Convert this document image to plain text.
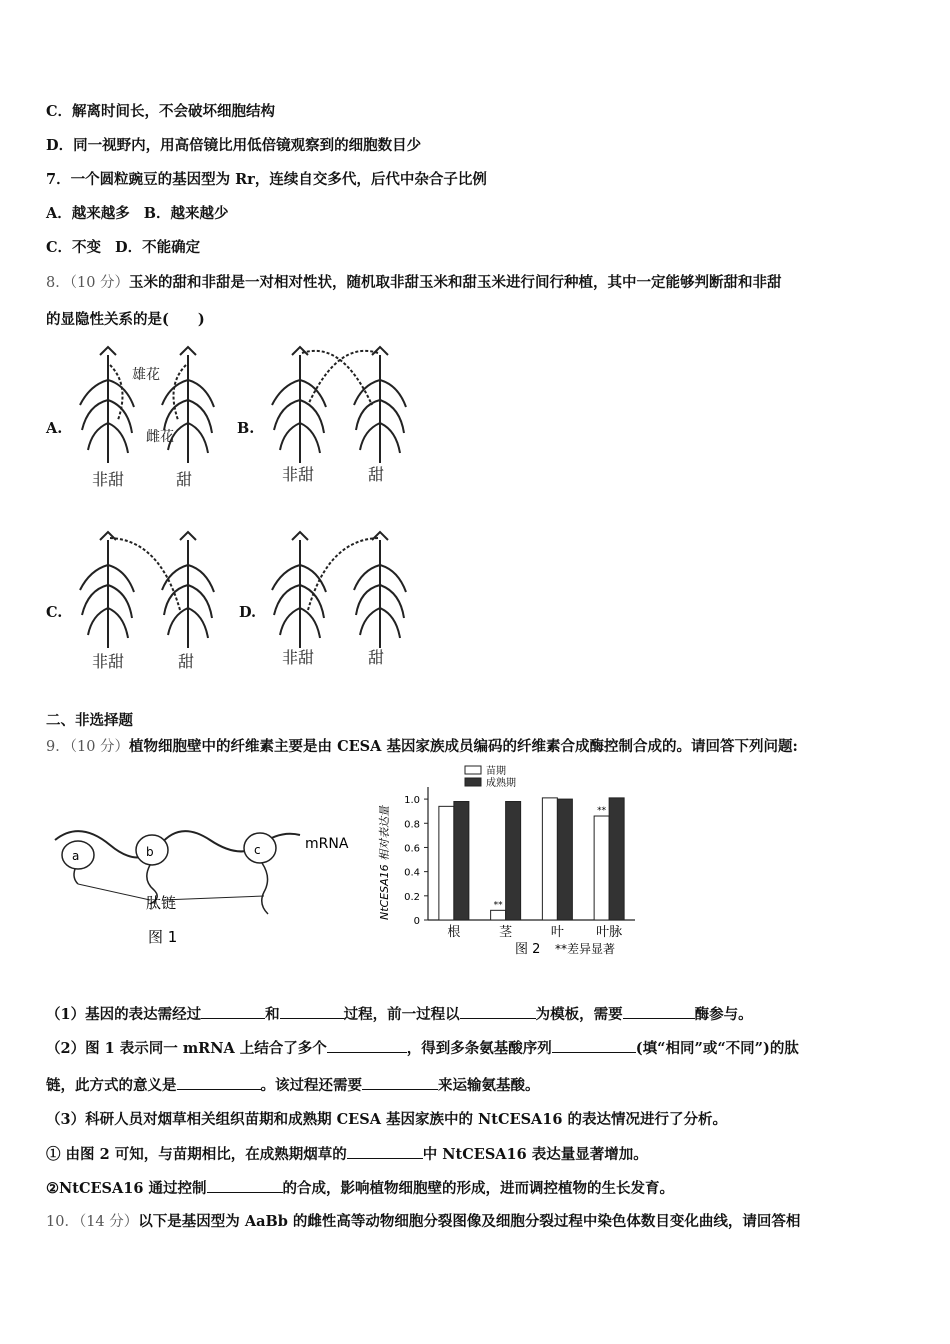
C．解离时间长，不会破坏细胞结构
D．同一视野内，用高倍镜比用低倍镜观察到的细胞数目少
7．一个圆粒豌豆的基因型为 Rr，连续自交多代，后代中杂合子比例
A．越来越多 B．越来越少
C．不变 D．不能确定
8．（10 分）玉米的甜和非甜是一对相对性状，随机取非甜玉米和甜玉米进行间行种植，其中一定能够判断甜和非甜
的显隐性关系的是(　　)
A.	B.
C.	D.
雄花
雌花
非甜	甜	非甜	甜
非甜	甜	非甜	甜
二、非选择题
9．（10 分）植物细胞壁中的纤维素主要是由 CESA 基因家族成员编码的纤维素合成酶控制合成的。请回答下列问题:
a	b	c	mRNA
肽链
图 1
NtCESA16 相对表达量
苗期
成熟期
0
0.2
0.4
0.6
0.8
1.0
根	茎	叶 叶脉
**
**
图 2 **差异显著
（1）基因的表达需经过	和	过程，前一过程以	为模板，需要	酶参与。
（2）图 1 表示同一 mRNA 上结合了多个	，得到多条氨基酸序列	(填“相同”或“不同”)的肽
链，此方式的意义是	。该过程还需要	来运输氨基酸。
（3）科研人员对烟草相关组织苗期和成熟期 CESA 基因家族中的 NtCESA16 的表达情况进行了分析。
① 由图 2 可知，与苗期相比，在成熟期烟草的	中 NtCESA16 表达量显著增加。
②NtCESA16 通过控制	的合成，影响植物细胞壁的形成，进而调控植物的生长发育。
10．（14 分）以下是基因型为 AaBb 的雌性高等动物细胞分裂图像及细胞分裂过程中染色体数目变化曲线，请回答相
